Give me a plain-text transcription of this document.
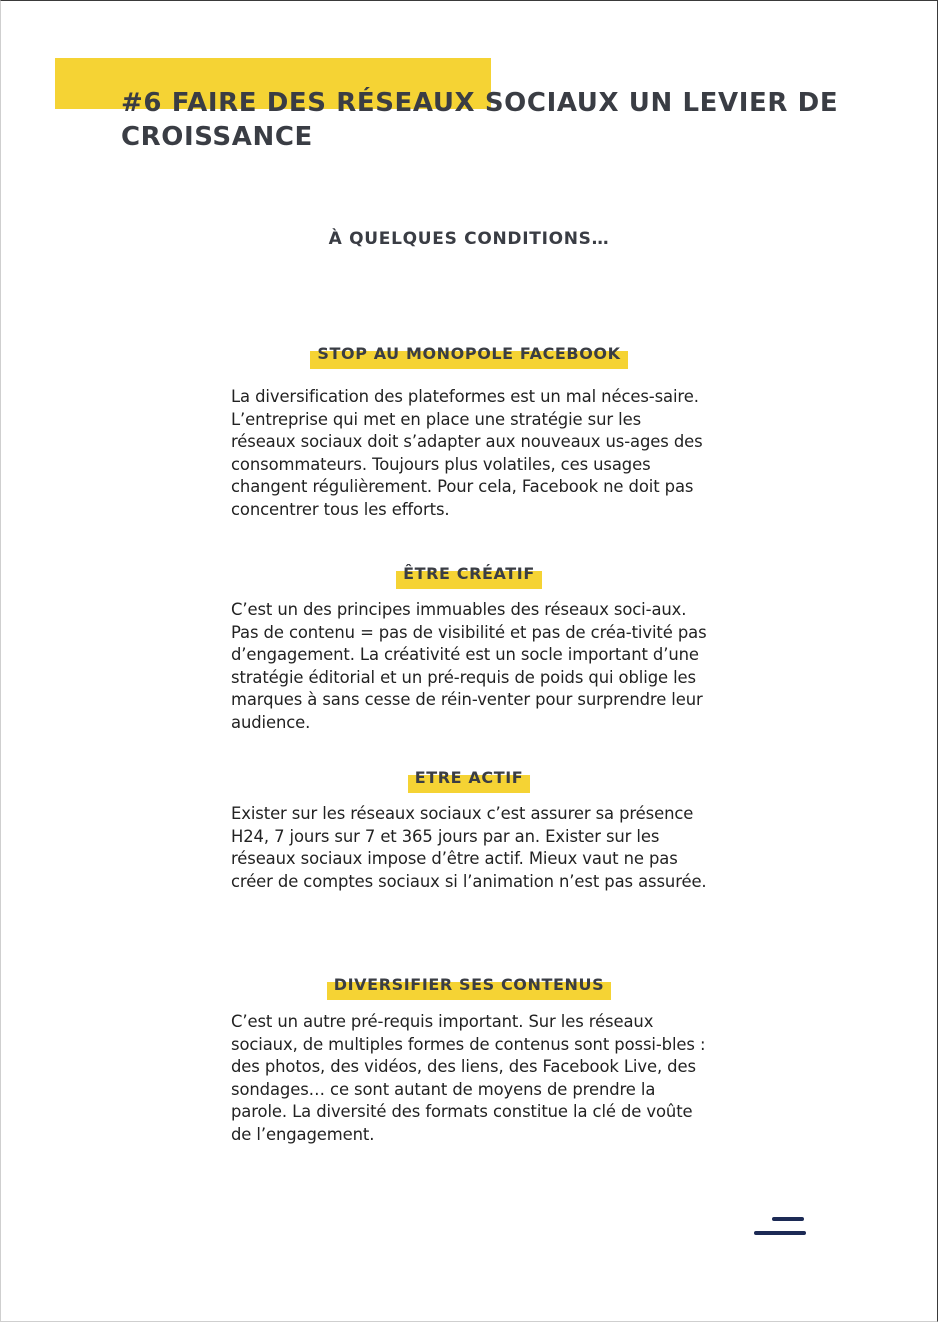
#6 FAIRE DES RÉSEAUX SOCIAUX UN LEVIER DE CROISSANCE
À QUELQUES CONDITIONS…
STOP AU MONOPOLE FACEBOOK

La diversification des plateformes est un mal néces-saire. L’entreprise qui met en place une stratégie sur les réseaux sociaux doit s’adapter aux nouveaux us-ages des consommateurs. Toujours plus volatiles, ces usages changent régulièrement. Pour cela, Facebook ne doit pas concentrer tous les efforts.

ÊTRE CRÉATIF

C’est un des principes immuables des réseaux soci-aux. Pas de contenu = pas de visibilité et pas de créa-tivité pas d’engagement. La créativité est un socle important d’une stratégie éditorial et un pré-requis de poids qui oblige les marques à sans cesse de réin-venter pour surprendre leur audience.

ETRE ACTIF

Exister sur les réseaux sociaux c’est assurer sa présence H24, 7 jours sur 7 et 365 jours par an. Exister sur les réseaux sociaux impose d’être actif. Mieux vaut ne pas créer de comptes sociaux si l’animation n’est pas assurée.

DIVERSIFIER SES CONTENUS

C’est un autre pré-requis important. Sur les réseaux sociaux, de multiples formes de contenus sont possi-bles : des photos, des vidéos, des liens, des Facebook Live, des sondages… ce sont autant de moyens de prendre la parole. La diversité des formats constitue la clé de voûte de l’engagement.
